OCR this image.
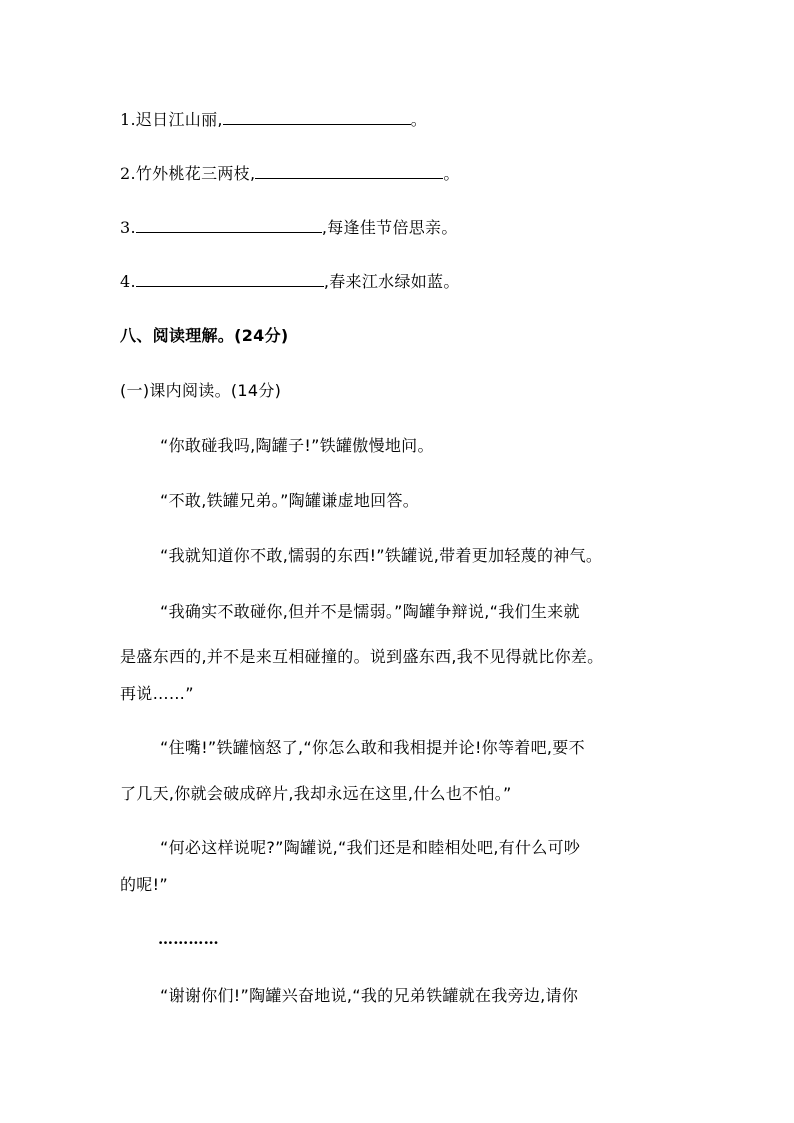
1.迟日江山丽,	。
2.竹外桃花三两枝,	。
3.	,每逢佳节倍思亲。
4.	,春来江水绿如蓝。
八、阅读理解。(24分)
(一)课内阅读。(14分)
“你敢碰我吗,陶罐子!”铁罐傲慢地问。
“不敢,铁罐兄弟。”陶罐谦虚地回答。
“我就知道你不敢,懦弱的东西!”铁罐说,带着更加轻蔑的神气。
“我确实不敢碰你,但并不是懦弱。”陶罐争辩说,“我们生来就
是盛东西的,并不是来互相碰撞的。说到盛东西,我不见得就比你差。
再说……”
“住嘴!”铁罐恼怒了,“你怎么敢和我相提并论!你等着吧,要不
了几天,你就会破成碎片,我却永远在这里,什么也不怕。”
“何必这样说呢?”陶罐说,“我们还是和睦相处吧,有什么可吵
的呢!”
…………
“谢谢你们!”陶罐兴奋地说,“我的兄弟铁罐就在我旁边,请你
